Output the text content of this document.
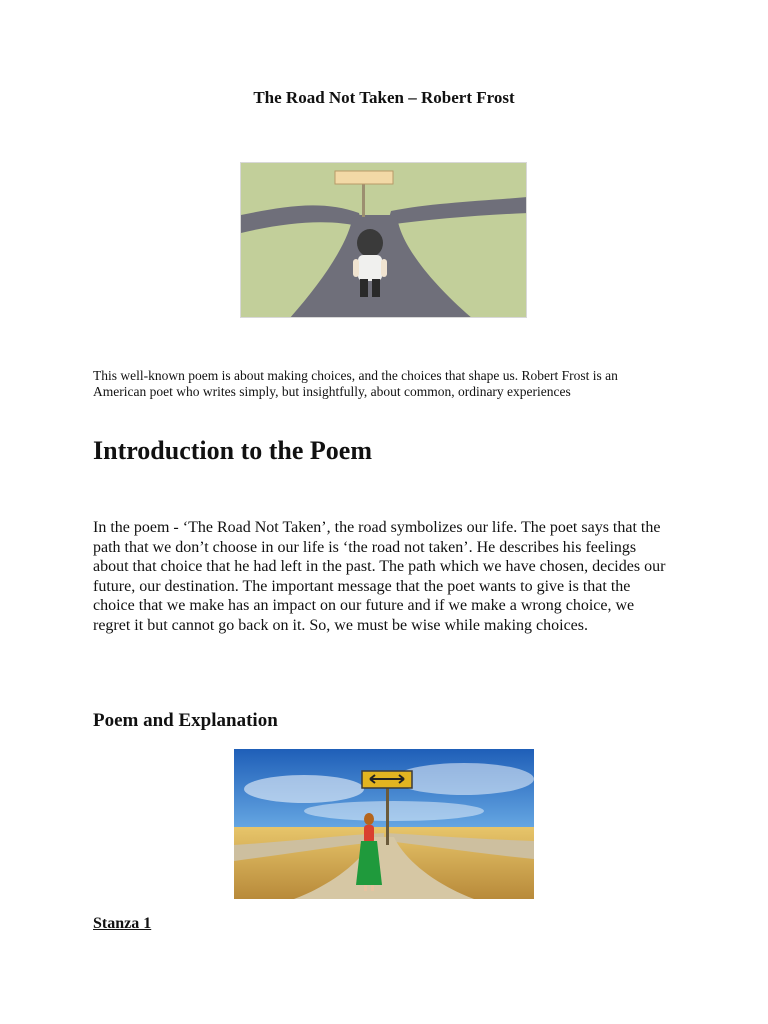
The Road Not Taken – Robert Frost

This well-known poem is about making choices, and the choices that shape us. Robert Frost is an American poet who writes simply, but insightfully, about common, ordinary experiences

Introduction to the Poem

In the poem - ‘The Road Not Taken’, the road symbolizes our life. The poet says that the path that we don’t choose in our life is ‘the road not taken’. He describes his feelings about that choice that he had left in the past. The path which we have chosen, decides our future, our destination. The important message that the poet wants to give is that the choice that we make has an impact on our future and if we make a wrong choice, we regret it but cannot go back on it. So, we must be wise while making choices.

Poem and Explanation

Stanza 1
